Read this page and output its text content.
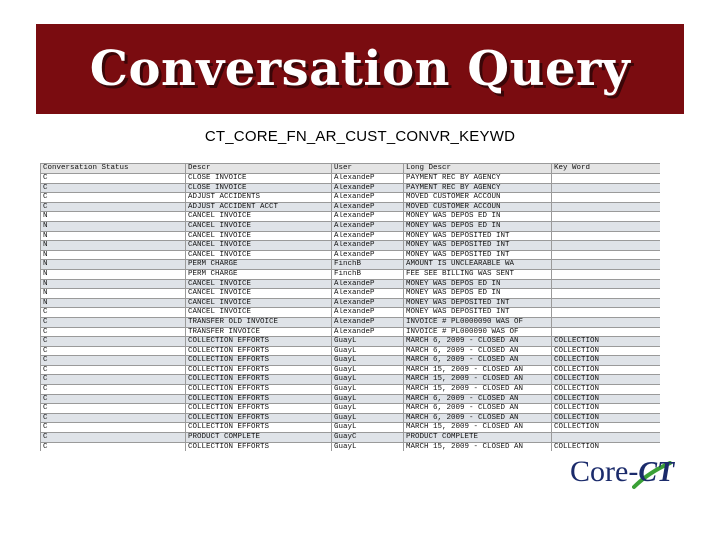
Conversation Query
CT_CORE_FN_AR_CUST_CONVR_KEYWD
Conversation Status	Descr	User	Long Descr	Key Word
C	CLOSE INVOICE	AlexandeP	PAYMENT REC BY AGENCY	
C	CLOSE INVOICE	AlexandeP	PAYMENT REC BY AGENCY	
C	ADJUST ACCIDENTS	AlexandeP	MOVED CUSTOMER ACCOUN	
C	ADJUST ACCIDENT ACCT	AlexandeP	MOVED CUSTOMER ACCOUN	
N	CANCEL INVOICE	AlexandeP	MONEY WAS DEPOS ED IN	
N	CANCEL INVOICE	AlexandeP	MONEY WAS DEPOS ED IN	
N	CANCEL INVOICE	AlexandeP	MONEY WAS DEPOSITED INT	
N	CANCEL INVOICE	AlexandeP	MONEY WAS DEPOSITED INT	
N	CANCEL INVOICE	AlexandeP	MONEY WAS DEPOSITED INT	
N	PERM CHARGE	FinchB	AMOUNT IS UNCLEARABLE WA	
N	PERM CHARGE	FinchB	FEE SEE BILLING WAS SENT	
N	CANCEL INVOICE	AlexandeP	MONEY WAS DEPOS ED IN	
N	CANCEL INVOICE	AlexandeP	MONEY WAS DEPOS ED IN	
N	CANCEL INVOICE	AlexandeP	MONEY WAS DEPOSITED INT	
C	CANCEL INVOICE	AlexandeP	MONEY WAS DEPOSITED INT	
C	TRANSFER OLD INVOICE	AlexandeP	INVOICE # PL0000090 WAS OF	
C	TRANSFER INVOICE	AlexandeP	INVOICE # PL000090 WAS OF	
C	COLLECTION EFFORTS	GuayL	MARCH 6, 2009 - CLOSED AN	COLLECTION
C	COLLECTION EFFORTS	GuayL	MARCH 6, 2009 - CLOSED AN	COLLECTION
C	COLLECTION EFFORTS	GuayL	MARCH 6, 2009 - CLOSED AN	COLLECTION
C	COLLECTION EFFORTS	GuayL	MARCH 15, 2009 - CLOSED AN	COLLECTION
C	COLLECTION EFFORTS	GuayL	MARCH 15, 2009 - CLOSED AN	COLLECTION
C	COLLECTION EFFORTS	GuayL	MARCH 15, 2009 - CLOSED AN	COLLECTION
C	COLLECTION EFFORTS	GuayL	MARCH 6, 2009 - CLOSED AN	COLLECTION
C	COLLECTION EFFORTS	GuayL	MARCH 6, 2009 - CLOSED AN	COLLECTION
C	COLLECTION EFFORTS	GuayL	MARCH 6, 2009 - CLOSED AN	COLLECTION
C	COLLECTION EFFORTS	GuayL	MARCH 15, 2009 - CLOSED AN	COLLECTION
C	PRODUCT COMPLETE	GuayC	PRODUCT COMPLETE	
C	COLLECTION EFFORTS	GuayL	MARCH 15, 2009 - CLOSED AN	COLLECTION

Core-CT
